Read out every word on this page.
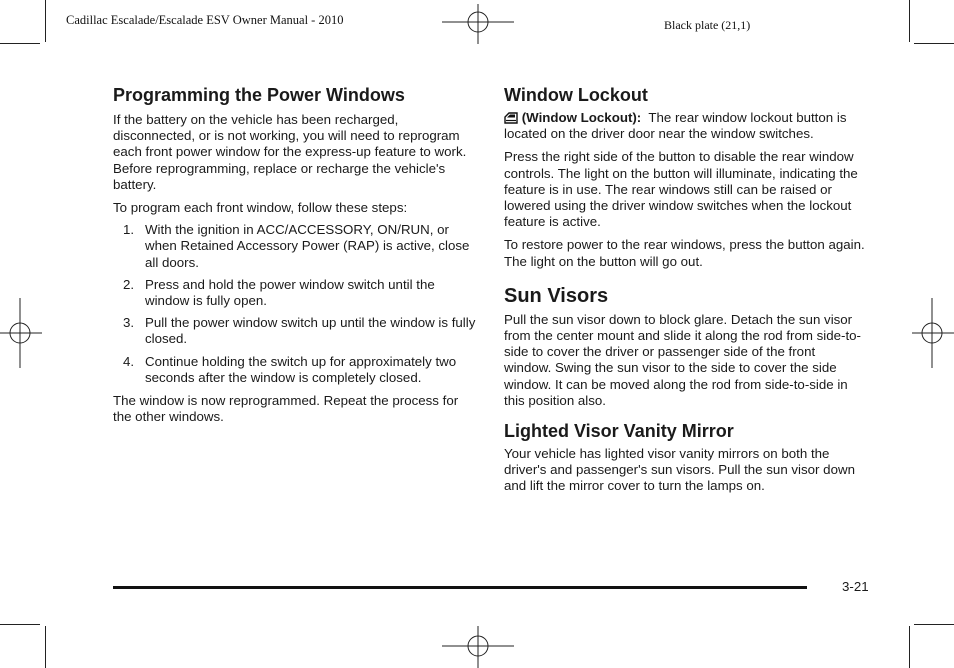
Cadillac Escalade/Escalade ESV Owner Manual - 2010	Black plate (21,1)
Programming the Power Windows

If the battery on the vehicle has been recharged, disconnected, or is not working, you will need to reprogram each front power window for the express-up feature to work. Before reprogramming, replace or recharge the vehicle's battery.

To program each front window, follow these steps:

1. With the ignition in ACC/ACCESSORY, ON/RUN, or when Retained Accessory Power (RAP) is active, close all doors.
2. Press and hold the power window switch until the window is fully open.
3. Pull the power window switch up until the window is fully closed.
4. Continue holding the switch up for approximately two seconds after the window is completely closed.

The window is now reprogrammed. Repeat the process for the other windows.

Window Lockout

(Window Lockout): The rear window lockout button is located on the driver door near the window switches.

Press the right side of the button to disable the rear window controls. The light on the button will illuminate, indicating the feature is in use. The rear windows still can be raised or lowered using the driver window switches when the lockout feature is active.

To restore power to the rear windows, press the button again. The light on the button will go out.

Sun Visors

Pull the sun visor down to block glare. Detach the sun visor from the center mount and slide it along the rod from side-to-side to cover the driver or passenger side of the front window. Swing the sun visor to the side to cover the side window. It can be moved along the rod from side-to-side in this position also.

Lighted Visor Vanity Mirror

Your vehicle has lighted visor vanity mirrors on both the driver's and passenger's sun visors. Pull the sun visor down and lift the mirror cover to turn the lamps on.

3-21
